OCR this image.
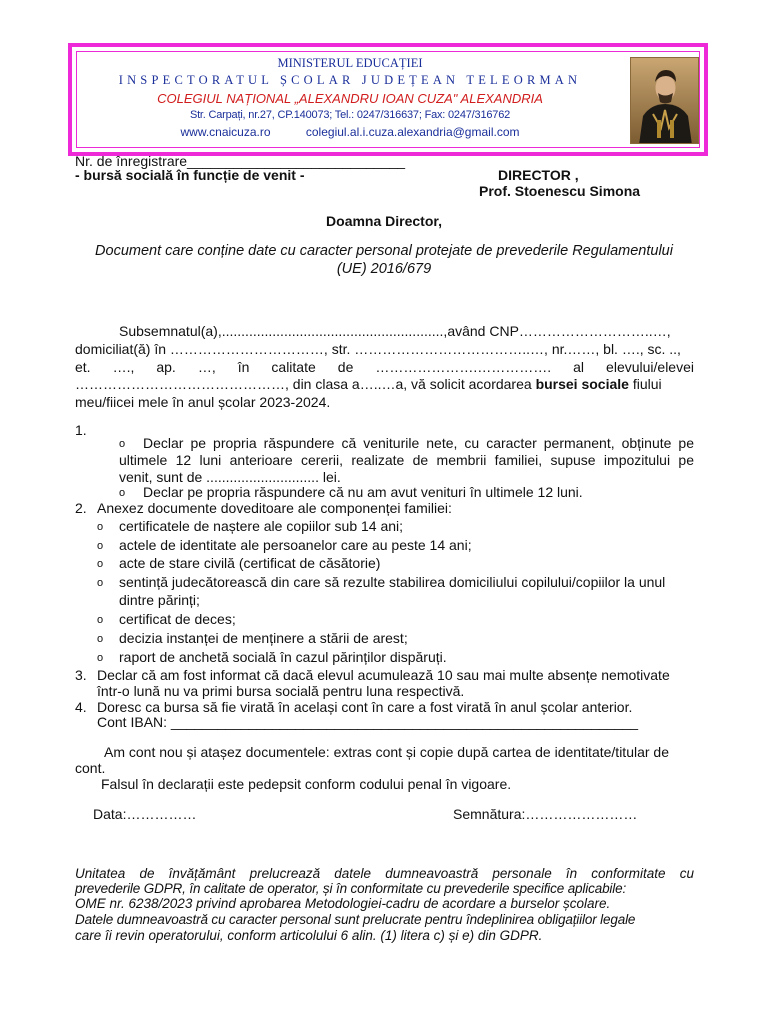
MINISTERUL EDUCAȚIEI
INSPECTORATUL ȘCOLAR JUDEȚEAN TELEORMAN
COLEGIUL NAȚIONAL „ALEXANDRU IOAN CUZA" ALEXANDRIA
Str. Carpați, nr.27, CP.140073; Tel.: 0247/316637; Fax: 0247/316762
www.cnaicuza.ro	colegiul.al.i.cuza.alexandria@gmail.com
Nr. de înregistrare____________________________
- bursă socială în funcție de venit -	DIRECTOR ,
Prof. Stoenescu Simona
Doamna Director,
Document care conține date cu caracter personal protejate de prevederile Regulamentului
(UE) 2016/679
Subsemnatul(a),.........................................................,având CNP………………………..…,
domiciliat(ă) în ……………………………, str. ………………………………..…, nr.……, bl. …., sc. ..,
et. …., ap. …, în calitate de ………………….……………. al elevului/elevei
………………………………………, din clasa a…..…a, vă solicit acordarea bursei sociale fiului
meu/fiicei mele în anul școlar 2023-2024.
1.
o Declar pe propria răspundere că veniturile nete, cu caracter permanent, obținute pe
ultimele 12 luni anterioare cererii, realizate de membrii familiei, supuse impozitului pe
venit, sunt de ............................. lei.
o Declar pe propria răspundere că nu am avut venituri în ultimele 12 luni.
2. Anexez documente doveditoare ale componenței familiei:
o certificatele de naștere ale copiilor sub 14 ani;
o actele de identitate ale persoanelor care au peste 14 ani;
o acte de stare civilă (certificat de căsătorie)
o sentință judecătorească din care să rezulte stabilirea domiciliului copilului/copiilor la unul
dintre părinți;
o certificat de deces;
o decizia instanței de menținere a stării de arest;
o raport de anchetă socială în cazul părinților dispăruți.
3. Declar că am fost informat că dacă elevul acumulează 10 sau mai multe absențe nemotivate
într-o lună nu va primi bursa socială pentru luna respectivă.
4. Doresc ca bursa să fie virată în același cont în care a fost virată în anul școlar anterior.
Cont IBAN: ____________________________________________________________
Am cont nou și atașez documentele: extras cont și copie după cartea de identitate/titular de
cont.
Falsul în declarații este pedepsit conform codului penal în vigoare.
Data:……………	Semnătura:……………………
Unitatea de învățământ prelucrează datele dumneavoastră personale în conformitate cu
prevederile GDPR, în calitate de operator, și în conformitate cu prevederile specifice aplicabile:
OME nr. 6238/2023 privind aprobarea Metodologiei-cadru de acordare a burselor școlare.
Datele dumneavoastră cu caracter personal sunt prelucrate pentru îndeplinirea obligațiilor legale
care îi revin operatorului, conform articolului 6 alin. (1) litera c) și e) din GDPR.
